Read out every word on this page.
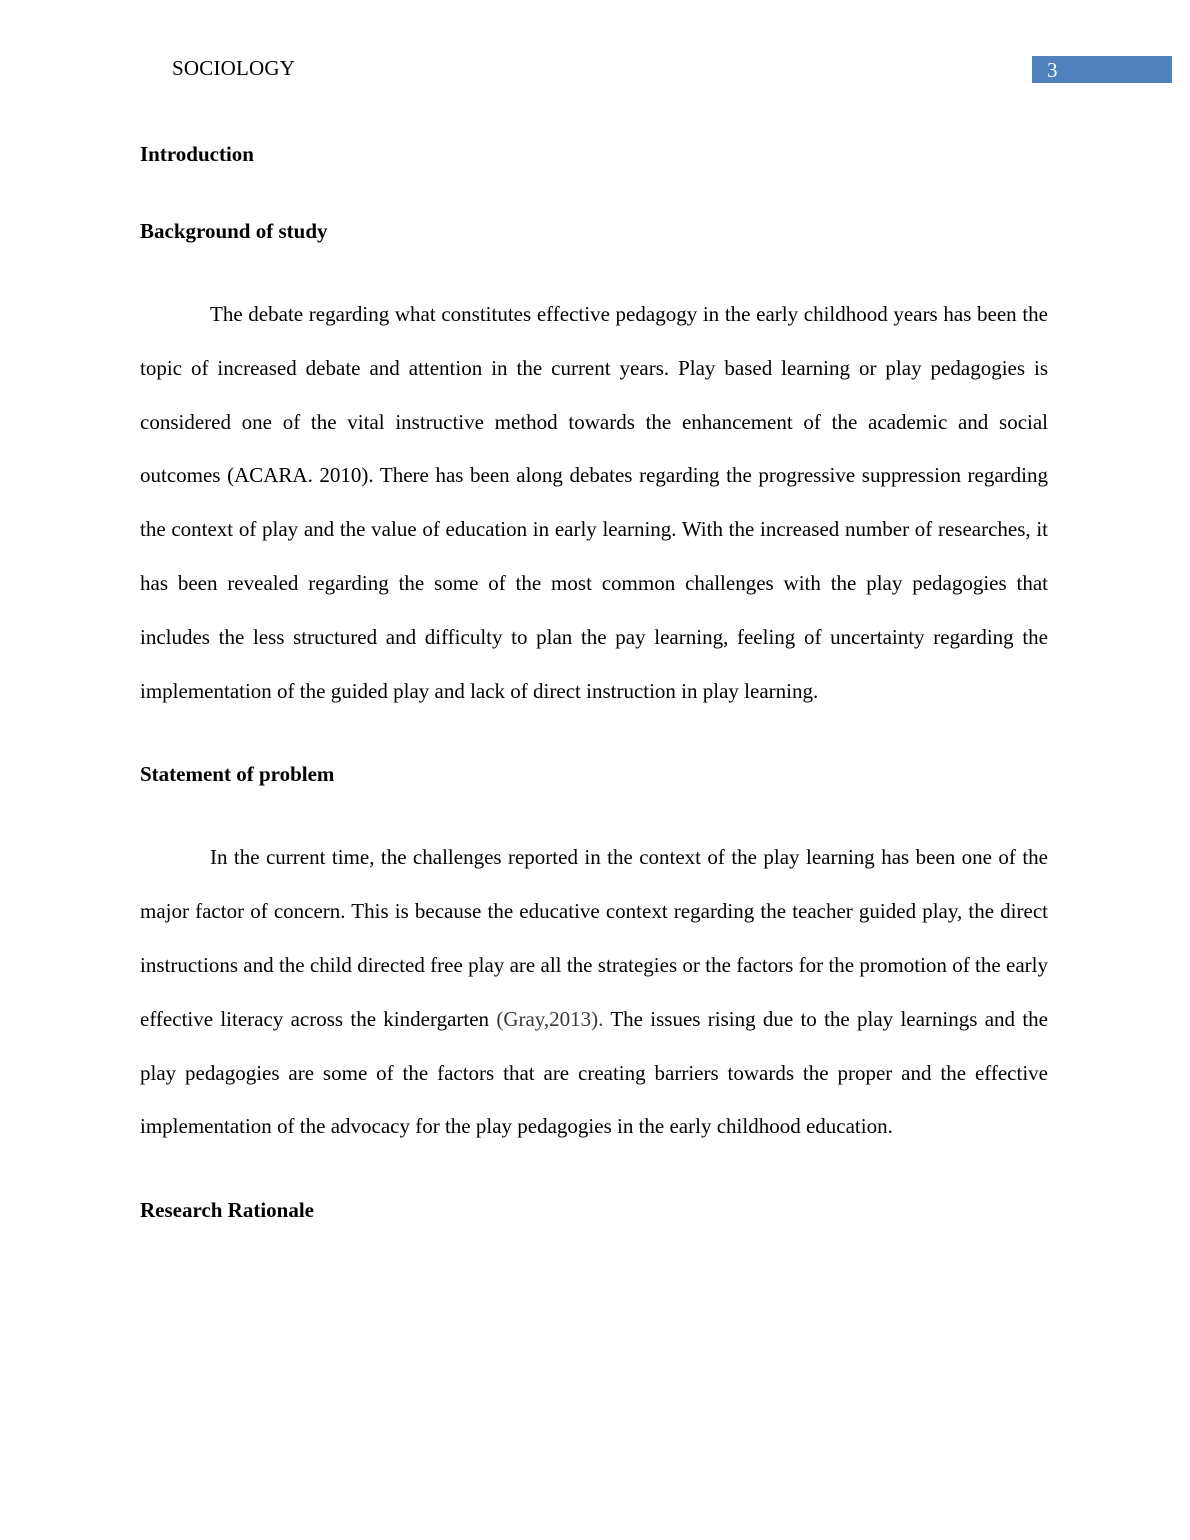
SOCIOLOGY	3
Introduction
Background of study

The debate regarding what constitutes effective pedagogy in the early childhood years has been the topic of increased debate and attention in the current years. Play based learning or play pedagogies is considered one of the vital instructive method towards the enhancement of the academic and social outcomes (ACARA. 2010). There has been along debates regarding the progressive suppression regarding the context of play and the value of education in early learning. With the increased number of researches, it has been revealed regarding the some of the most common challenges with the play pedagogies that includes the less structured and difficulty to plan the pay learning, feeling of uncertainty regarding the implementation of the guided play and lack of direct instruction in play learning.

Statement of problem

In the current time, the challenges reported in the context of the play learning has been one of the major factor of concern. This is because the educative context regarding the teacher guided play, the direct instructions and the child directed free play are all the strategies or the factors for the promotion of the early effective literacy across the kindergarten (Gray,2013). The issues rising due to the play learnings and the play pedagogies are some of the factors that are creating barriers towards the proper and the effective implementation of the advocacy for the play pedagogies in the early childhood education.

Research Rationale
